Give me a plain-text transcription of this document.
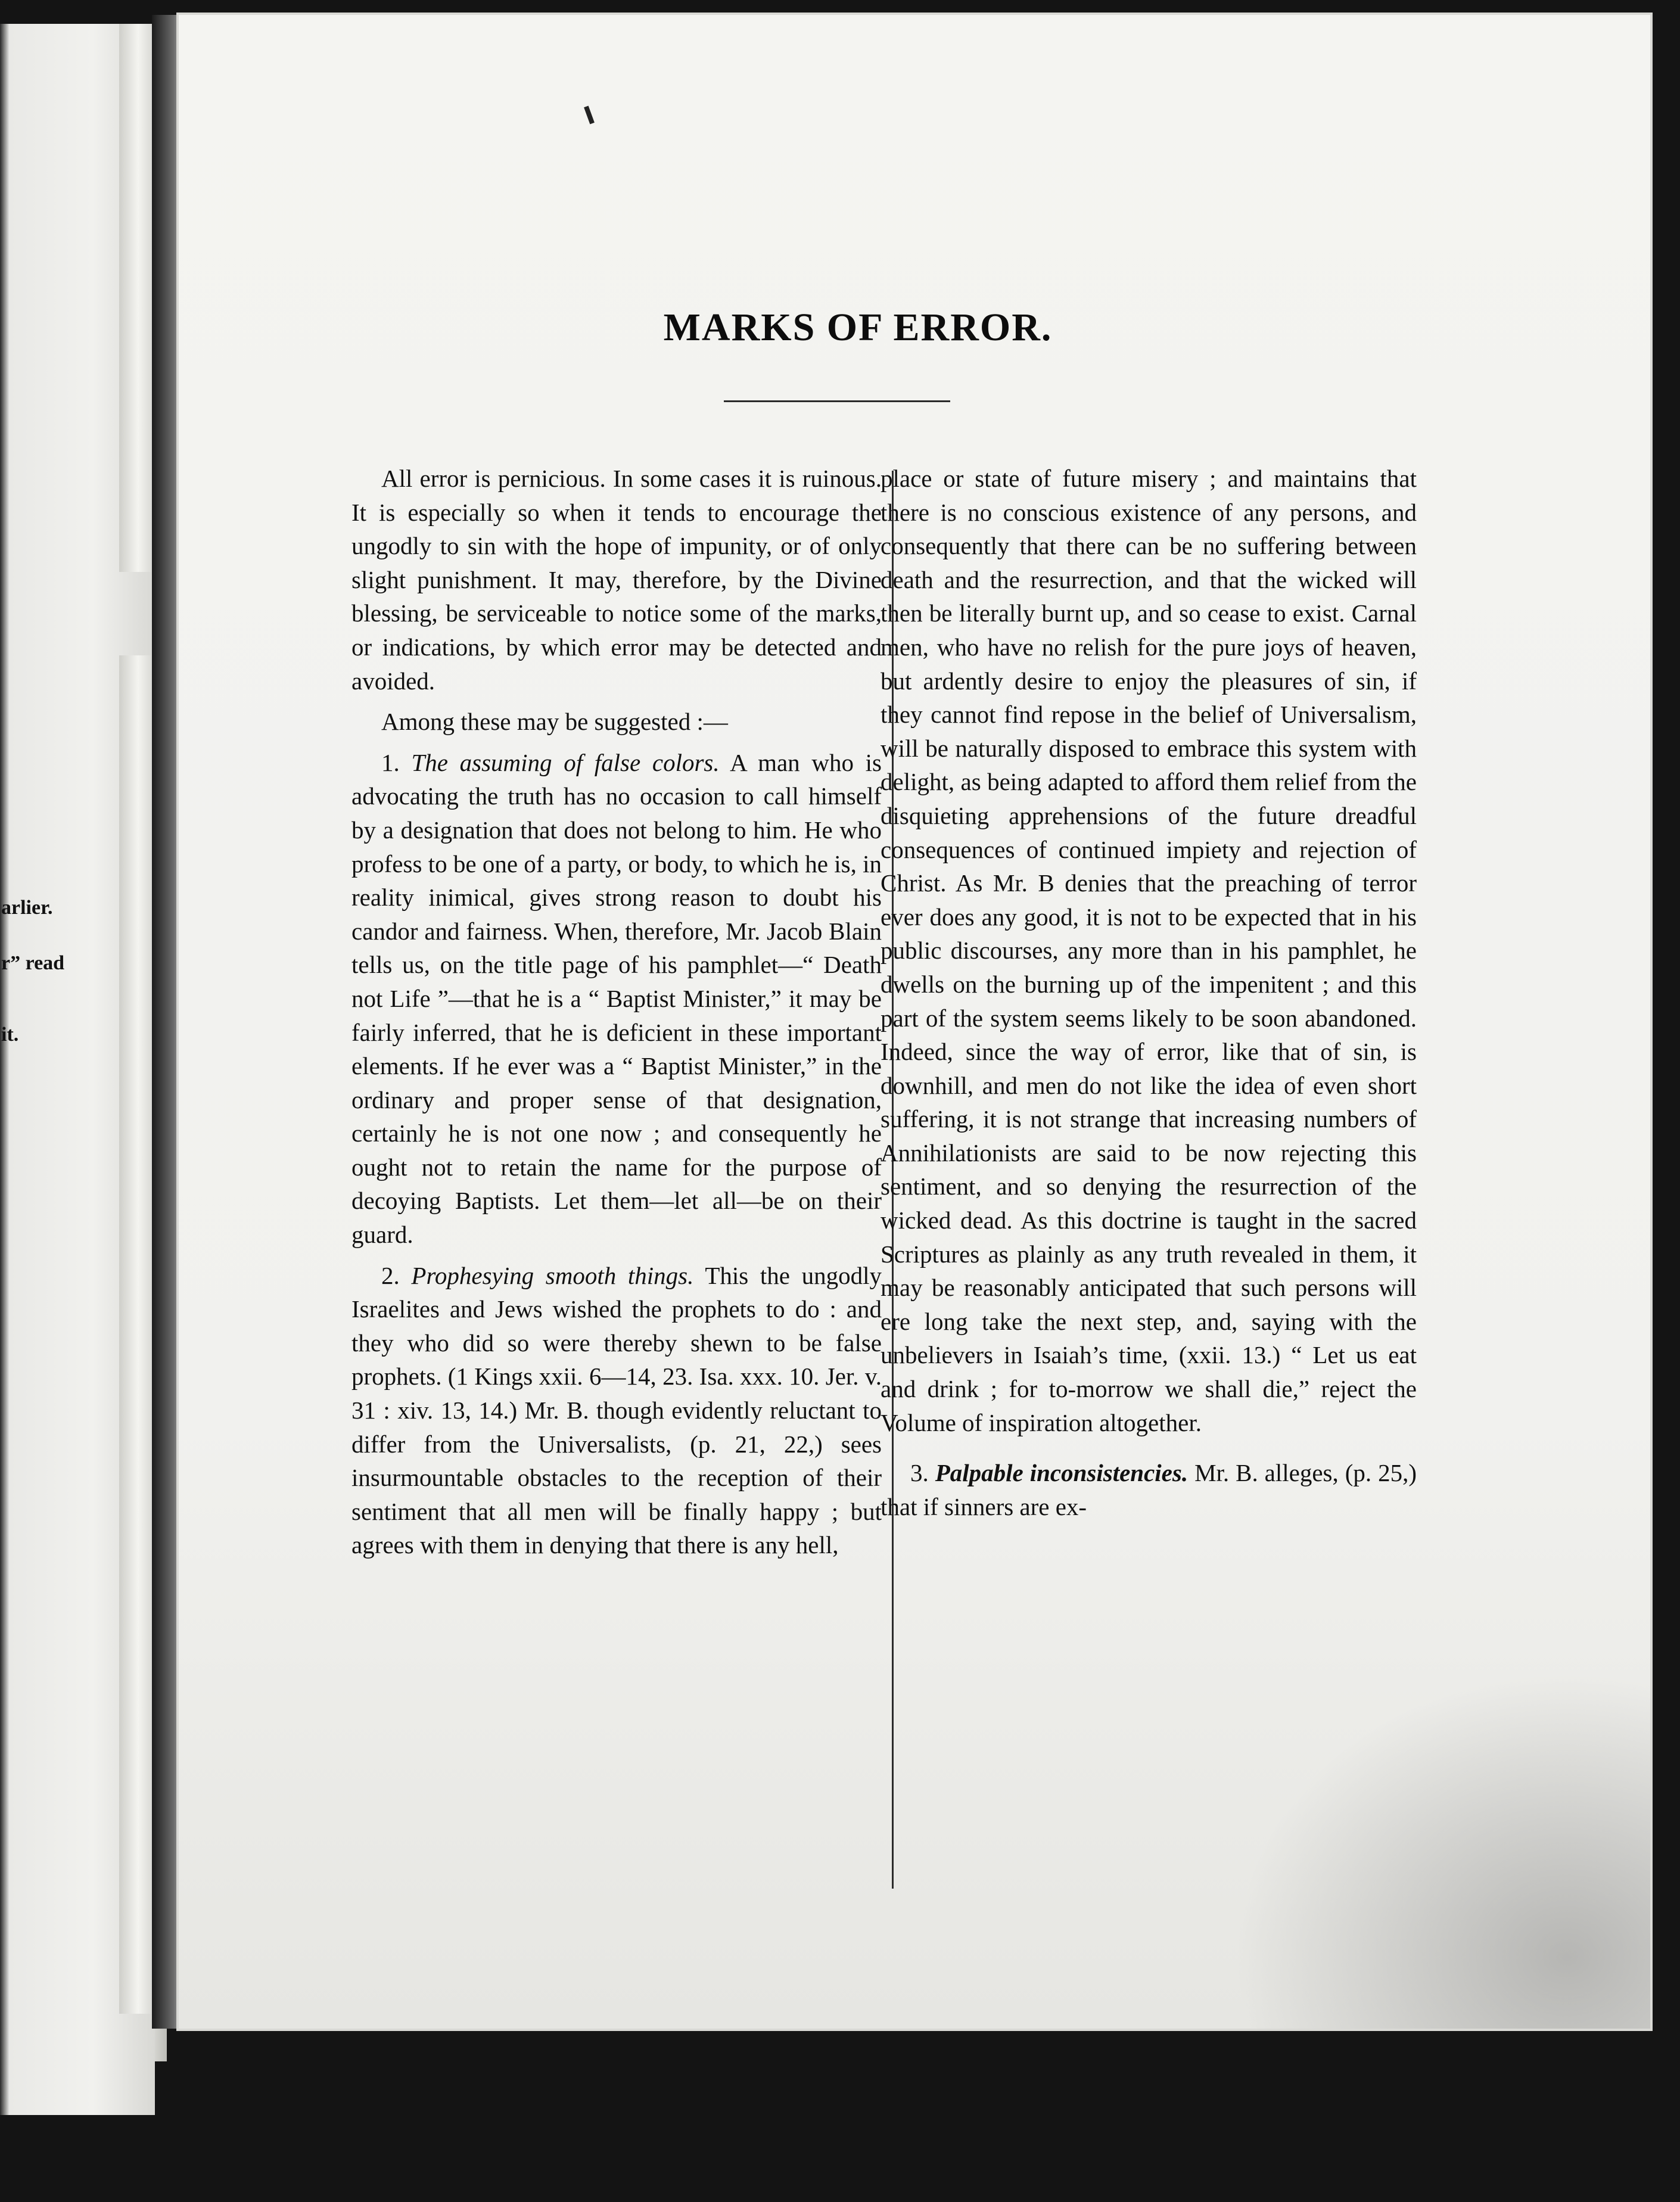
arlier.
r” read
it.
MARKS OF ERROR.

All error is pernicious. In some cases it is ruinous. It is especially so when it tends to encourage the ungodly to sin with the hope of impunity, or of only slight punishment. It may, therefore, by the Divine blessing, be serviceable to notice some of the marks, or indications, by which error may be detected and avoided.

Among these may be suggested :—

1. The assuming of false colors. A man who is advocating the truth has no occasion to call himself by a designation that does not belong to him. He who profess to be one of a party, or body, to which he is, in reality inimical, gives strong reason to doubt his candor and fairness. When, therefore, Mr. Jacob Blain tells us, on the title page of his pamphlet—“ Death not Life ”—that he is a “ Baptist Minister,” it may be fairly inferred, that he is deficient in these important elements. If he ever was a “ Baptist Minister,” in the ordinary and proper sense of that designation, certainly he is not one now ; and consequently he ought not to retain the name for the purpose of decoying Baptists. Let them—let all—be on their guard.

2. Prophesying smooth things. This the ungodly Israelites and Jews wished the prophets to do : and they who did so were thereby shewn to be false prophets. (1 Kings xxii. 6—14, 23. Isa. xxx. 10. Jer. v. 31 : xiv. 13, 14.) Mr. B. though evidently reluctant to differ from the Universalists, (p. 21, 22,) sees insurmountable obstacles to the reception of their sentiment that all men will be finally happy ; but agrees with them in denying that there is any hell,

place or state of future misery ; and maintains that there is no conscious existence of any persons, and consequently that there can be no suffering between death and the resurrection, and that the wicked will then be literally burnt up, and so cease to exist. Carnal men, who have no relish for the pure joys of heaven, but ardently desire to enjoy the pleasures of sin, if they cannot find repose in the belief of Universalism, will be naturally disposed to embrace this system with delight, as being adapted to afford them relief from the disquieting apprehensions of the future dreadful consequences of continued impiety and rejection of Christ. As Mr. B denies that the preaching of terror ever does any good, it is not to be expected that in his public discourses, any more than in his pamphlet, he dwells on the burning up of the impenitent ; and this part of the system seems likely to be soon abandoned. Indeed, since the way of error, like that of sin, is downhill, and men do not like the idea of even short suffering, it is not strange that increasing numbers of Annihilationists are said to be now rejecting this sentiment, and so denying the resurrection of the wicked dead. As this doctrine is taught in the sacred Scriptures as plainly as any truth revealed in them, it may be reasonably anticipated that such persons will ere long take the next step, and, saying with the unbelievers in Isaiah’s time, (xxii. 13.) “ Let us eat and drink ; for to-morrow we shall die,” reject the Volume of inspiration altogether.

3. Palpable inconsistencies. Mr. B. alleges, (p. 25,) that if sinners are ex-
